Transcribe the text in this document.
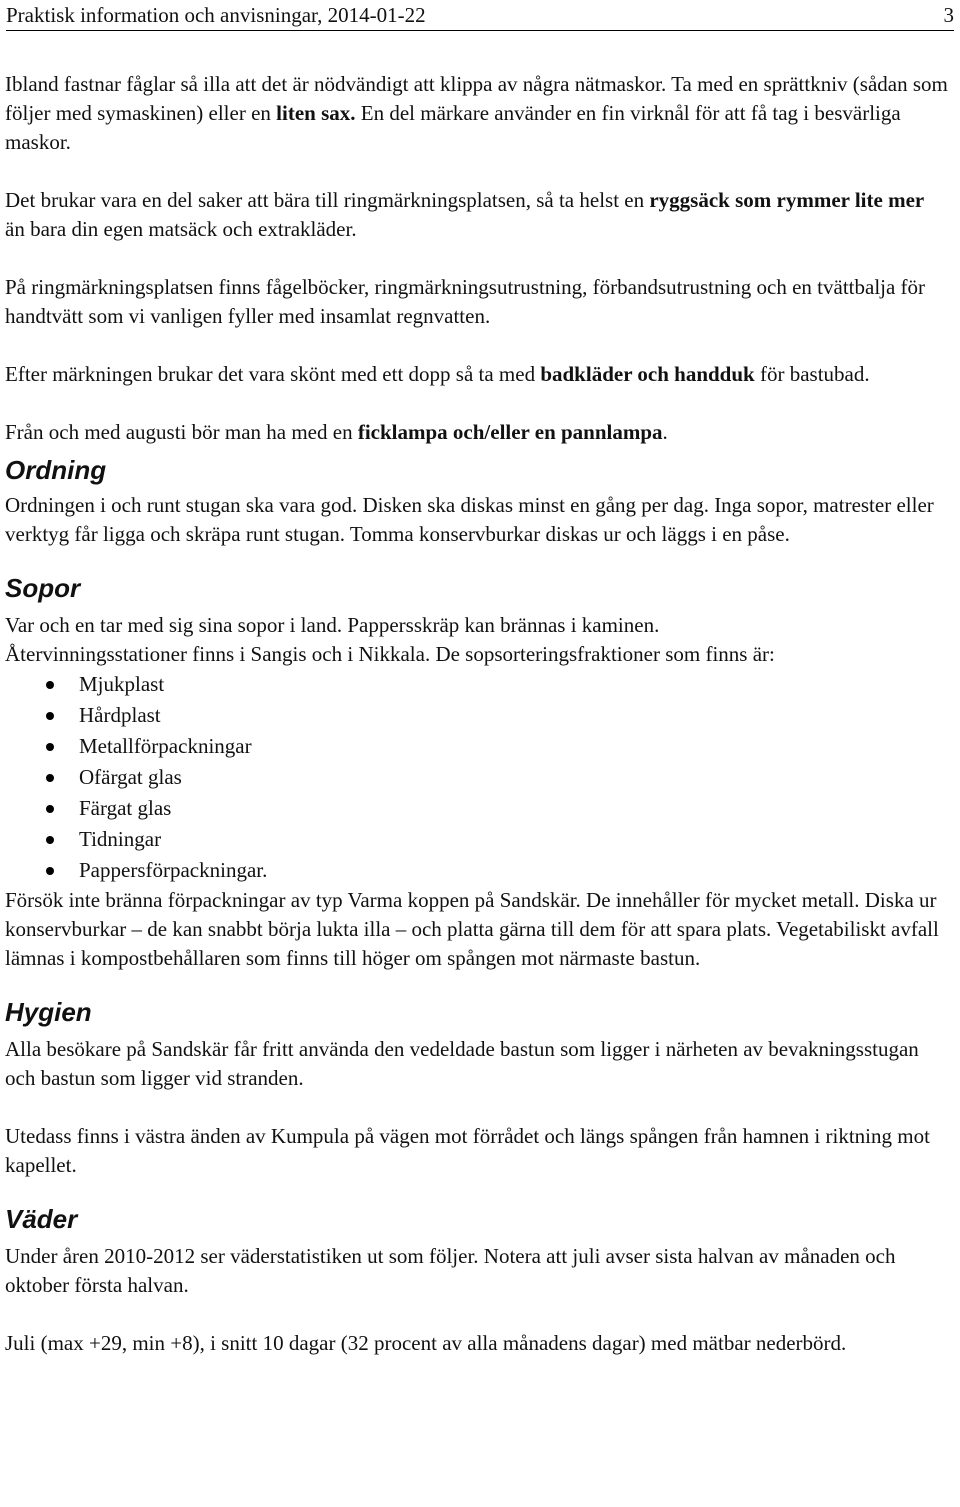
Praktisk information och anvisningar, 2014-01-22	3

Ibland fastnar fåglar så illa att det är nödvändigt att klippa av några nätmaskor. Ta med en sprättkniv (sådan som följer med symaskinen) eller en liten sax. En del märkare använder en fin virknål för att få tag i besvärliga maskor.

Det brukar vara en del saker att bära till ringmärkningsplatsen, så ta helst en ryggsäck som rymmer lite mer än bara din egen matsäck och extrakläder.

På ringmärkningsplatsen finns fågelböcker, ringmärkningsutrustning, förbandsutrustning och en tvättbalja för handtvätt som vi vanligen fyller med insamlat regnvatten.

Efter märkningen brukar det vara skönt med ett dopp så ta med badkläder och handduk för bastubad.

Från och med augusti bör man ha med en ficklampa och/eller en pannlampa.

Ordning

Ordningen i och runt stugan ska vara god. Disken ska diskas minst en gång per dag. Inga sopor, matrester eller verktyg får ligga och skräpa runt stugan. Tomma konservburkar diskas ur och läggs i en påse.

Sopor

Var och en tar med sig sina sopor i land. Pappersskräp kan brännas i kaminen.

Återvinningsstationer finns i Sangis och i Nikkala. De sopsorteringsfraktioner som finns är:

Mjukplast
Hårdplast
Metallförpackningar
Ofärgat glas
Färgat glas
Tidningar
Pappersförpackningar.

Försök inte bränna förpackningar av typ Varma koppen på Sandskär. De innehåller för mycket metall. Diska ur konservburkar – de kan snabbt börja lukta illa – och platta gärna till dem för att spara plats. Vegetabiliskt avfall lämnas i kompostbehållaren som finns till höger om spången mot närmaste bastun.

Hygien

Alla besökare på Sandskär får fritt använda den vedeldade bastun som ligger i närheten av bevakningsstugan och bastun som ligger vid stranden.

Utedass finns i västra änden av Kumpula på vägen mot förrådet och längs spången från hamnen i riktning mot kapellet.

Väder

Under åren 2010-2012 ser väderstatistiken ut som följer. Notera att juli avser sista halvan av månaden och oktober första halvan.

Juli (max +29, min +8), i snitt 10 dagar (32 procent av alla månadens dagar) med mätbar nederbörd.
